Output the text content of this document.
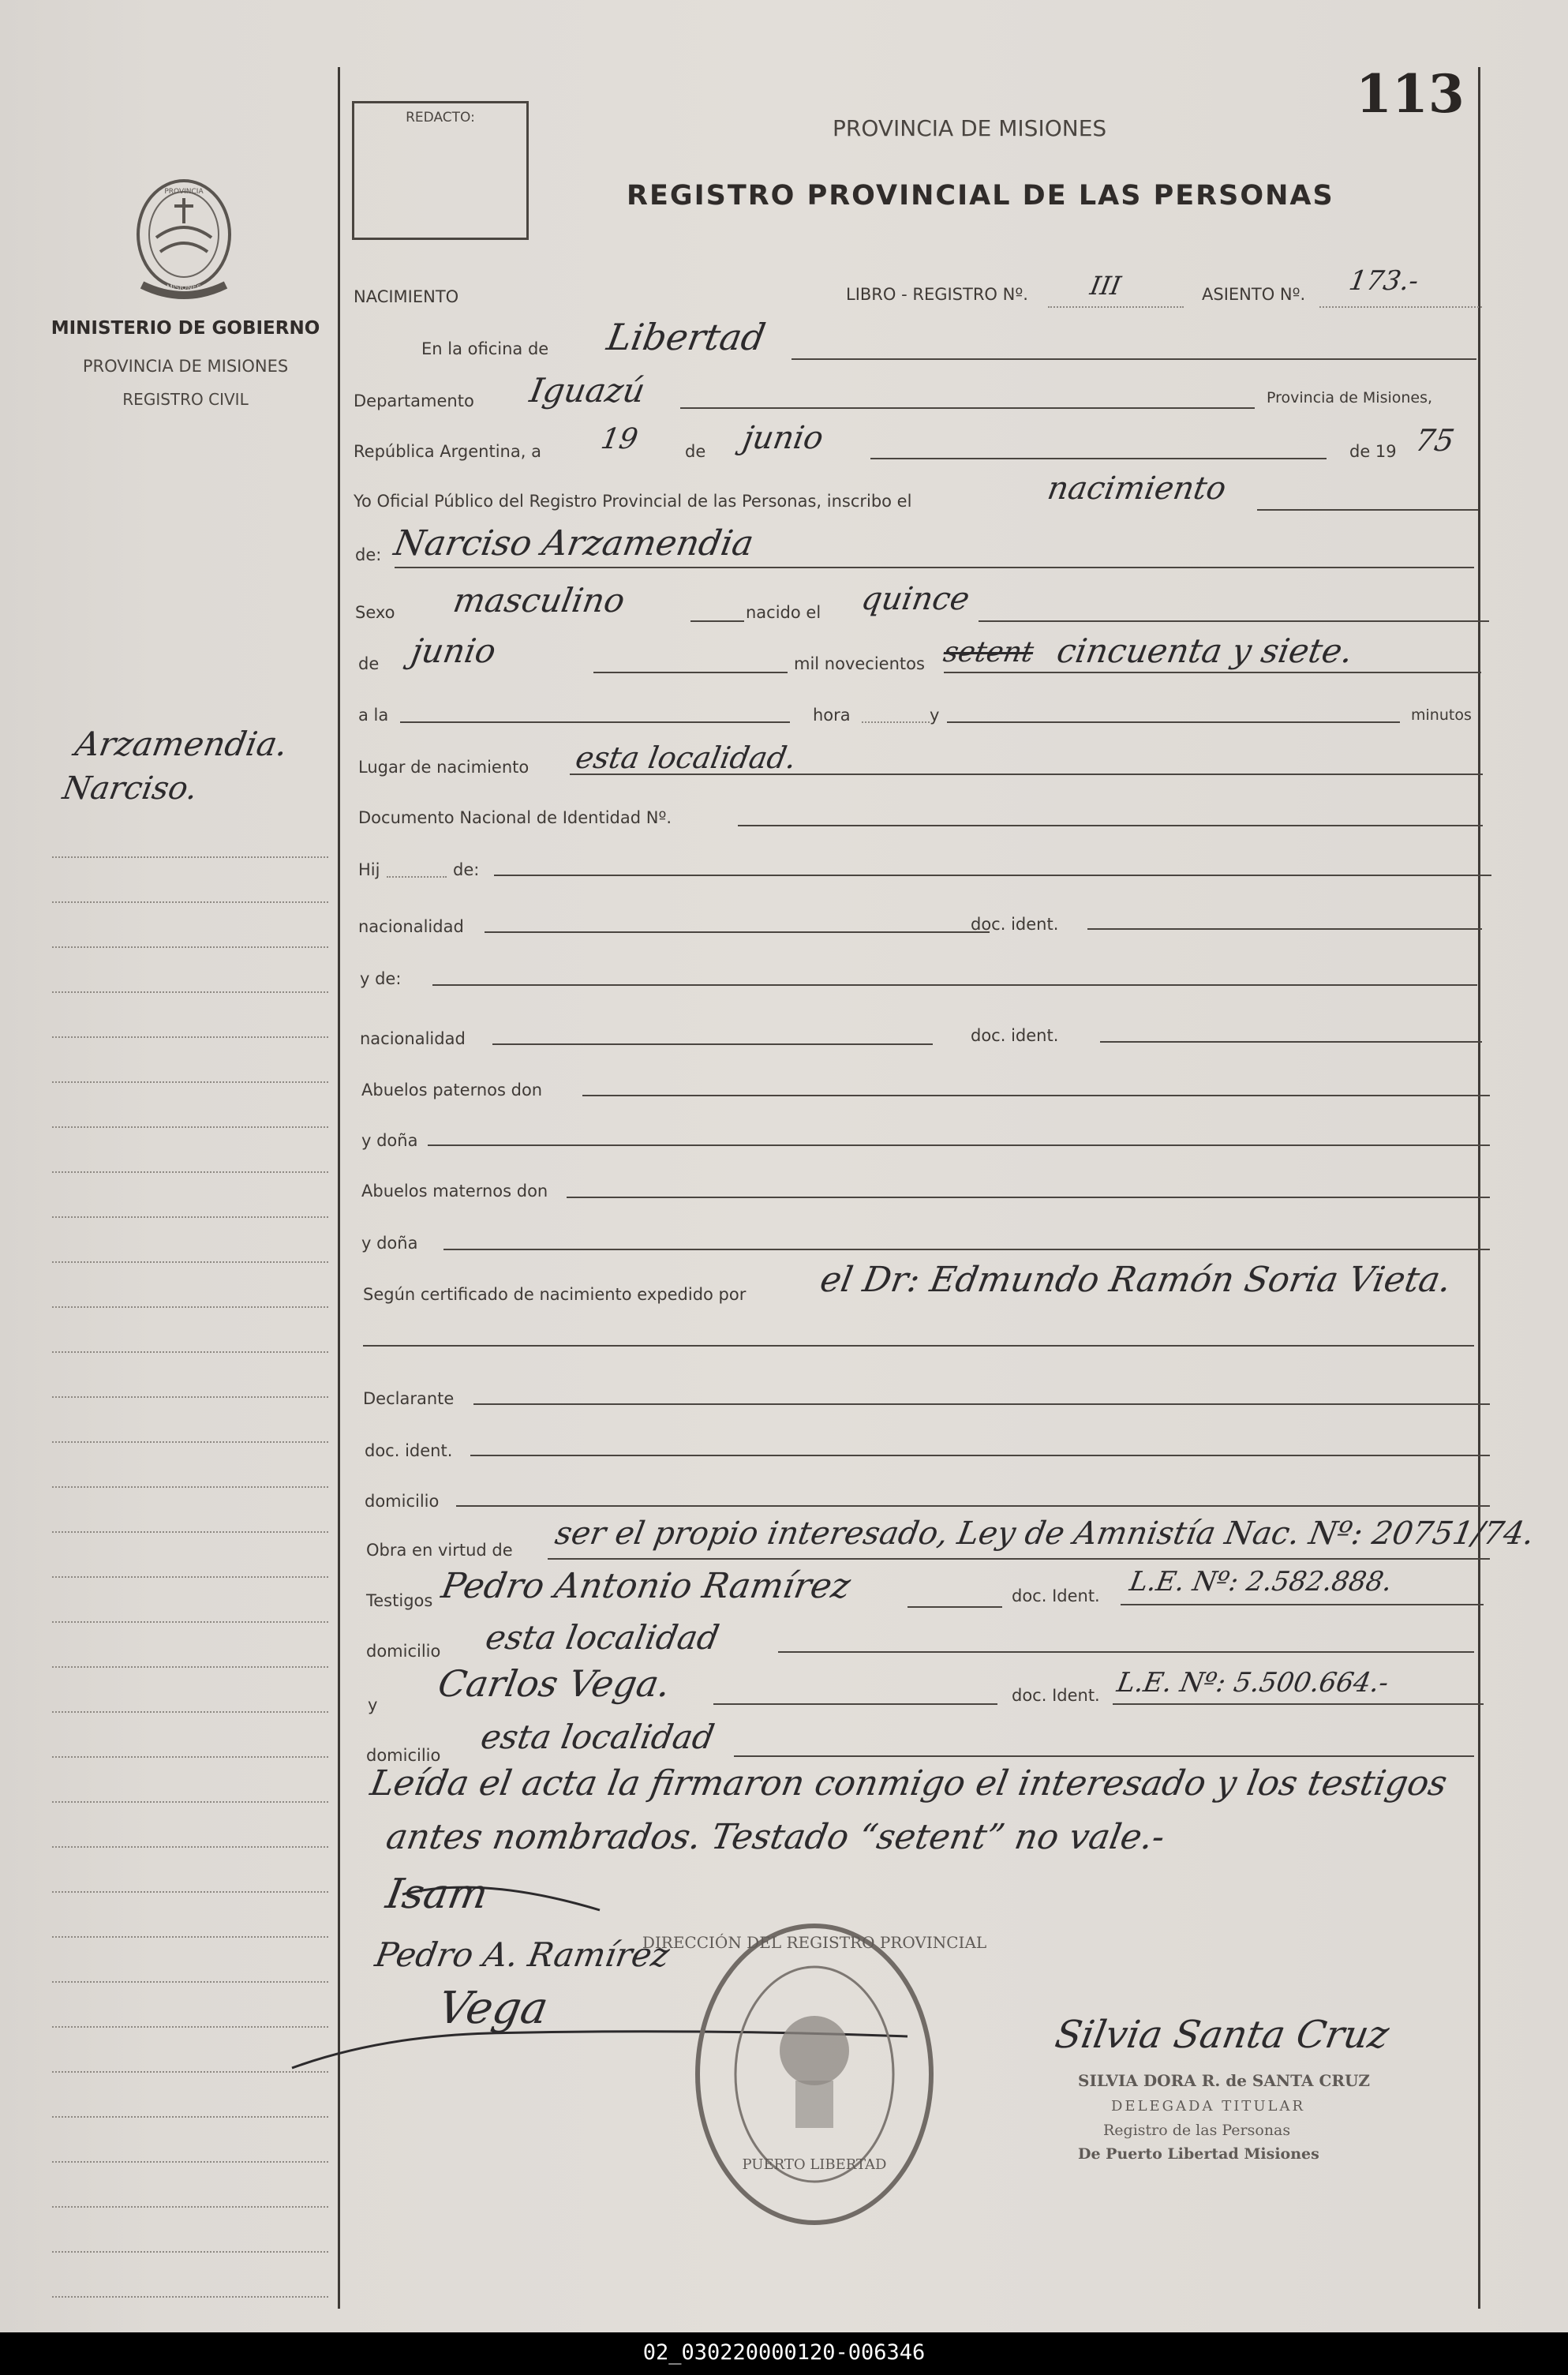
113
PROVINCIA
MISIONES
MINISTERIO DE GOBIERNO
PROVINCIA DE MISIONES
REGISTRO CIVIL
Arzamendia.
Narciso.
REDACTO:	PROVINCIA DE MISIONES
REGISTRO PROVINCIAL DE LAS PERSONAS
NACIMIENTO	LIBRO - REGISTRO Nº. III	ASIENTO Nº. 173.-
En la oficina de Libertad
Departamento Iguazú	Provincia de Misiones,
República Argentina, a 19	de junio	de 19 75
Yo Oficial Público del Registro Provincial de las Personas, inscribo el	nacimiento
de: Narciso Arzamendia
Sexo masculino	nacido el quince
de junio	mil novecientos setent cincuenta y siete.
a la	hora	y	minutos
Lugar de nacimiento esta localidad.
Documento Nacional de Identidad Nº.
Hij	de:
nacionalidad	doc. ident.
y de:
nacionalidad	doc. ident.
Abuelos paternos don
y doña
Abuelos maternos don
y doña
Según certificado de nacimiento expedido por el Dr: Edmundo Ramón Soria Vieta.
Declarante
doc. ident.
domicilio
Obra en virtud de ser el propio interesado, Ley de Amnistía Nac. Nº: 20751/74.
Testigos Pedro Antonio Ramírez	doc. Ident. L.E. Nº: 2.582.888.
domicilio esta localidad
y Carlos Vega.	doc. Ident. L.E. Nº: 5.500.664.-
domicilio esta localidad
Leída el acta la firmaron conmigo el interesado y los testigos
antes nombrados. Testado “setent” no vale.-
Isam
Pedro A. Ramírez
Vega
DIRECCIÓN DEL REGISTRO PROVINCIAL
PUERTO LIBERTAD
Silvia Santa Cruz
SILVIA DORA R. de SANTA CRUZ
DELEGADA TITULAR
Registro de las Personas
De Puerto Libertad Misiones
02_030220000120-006346
